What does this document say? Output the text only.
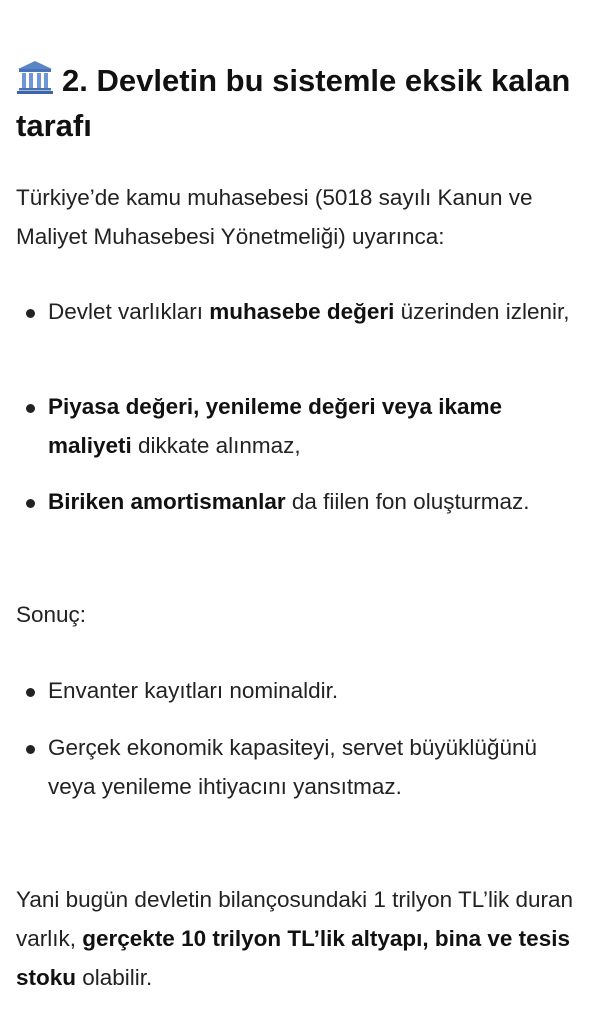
2. Devletin bu sistemle eksik kalan tarafı
Türkiye’de kamu muhasebesi (5018 sayılı Kanun ve Maliyet Muhasebesi Yönetmeliği) uyarınca:
Devlet varlıkları muhasebe değeri üzerinden izlenir,
Piyasa değeri, yenileme değeri veya ikame maliyeti dikkate alınmaz,
Biriken amortismanlar da fiilen fon oluşturmaz.
Sonuç:
Envanter kayıtları nominaldir.
Gerçek ekonomik kapasiteyi, servet büyüklüğünü veya yenileme ihtiyacını yansıtmaz.
Yani bugün devletin bilançosundaki 1 trilyon TL’lik duran varlık, gerçekte 10 trilyon TL’lik altyapı, bina ve tesis stoku olabilir.
